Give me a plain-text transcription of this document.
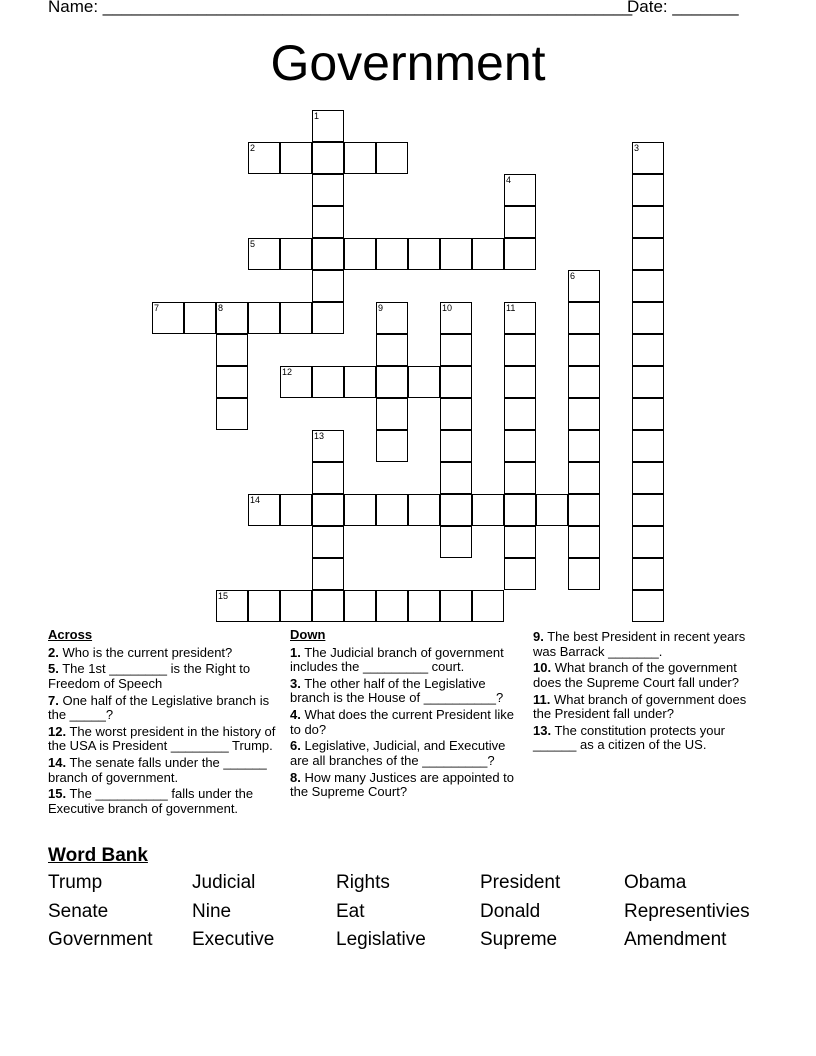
Name: ________________________________________________________
Date: _______
Government
1
2	3
4
5
6
7	8	9	10	11
12
13
14
15
Across
2. Who is the current president?
5. The 1st ________ is the Right to Freedom of Speech
7. One half of the Legislative branch is the _____?
12. The worst president in the history of the USA is President ________ Trump.
14. The senate falls under the ______ branch of government.
15. The __________ falls under the Executive branch of government.
Down
1. The Judicial branch of government includes the _________ court.
3. The other half of the Legislative branch is the House of __________?
4. What does the current President like to do?
6. Legislative, Judicial, and Executive are all branches of the _________?
8. How many Justices are appointed to the Supreme Court?
9. The best President in recent years was Barrack _______.
10. What branch of the government does the Supreme Court fall under?
11. What branch of government does the President fall under?
13. The constitution protects your ______ as a citizen of the US.
Word Bank
Trump	Judicial	Rights	President	Obama
Senate	Nine	Eat	Donald	Representivies
Government	Executive	Legislative	Supreme	Amendment
